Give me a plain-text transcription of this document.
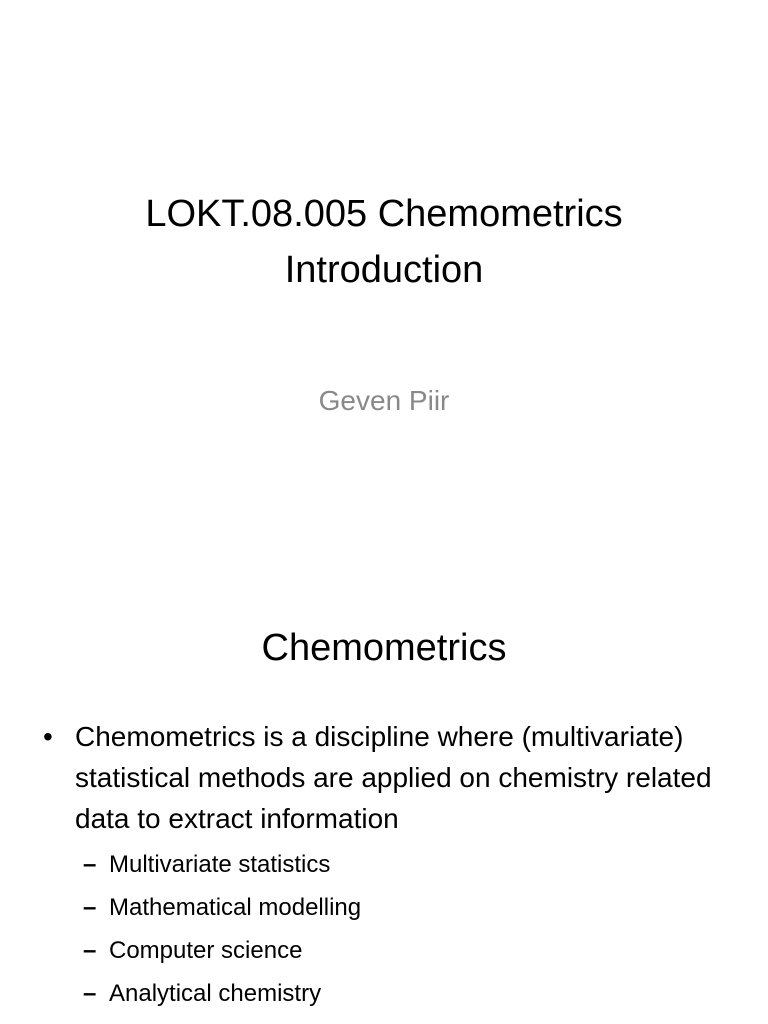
LOKT.08.005 Chemometrics
Introduction
Geven Piir
Chemometrics
• Chemometrics is a discipline where (multivariate) statistical methods are applied on chemistry related data to extract information
– Multivariate statistics
– Mathematical modelling
– Computer science
– Analytical chemistry
